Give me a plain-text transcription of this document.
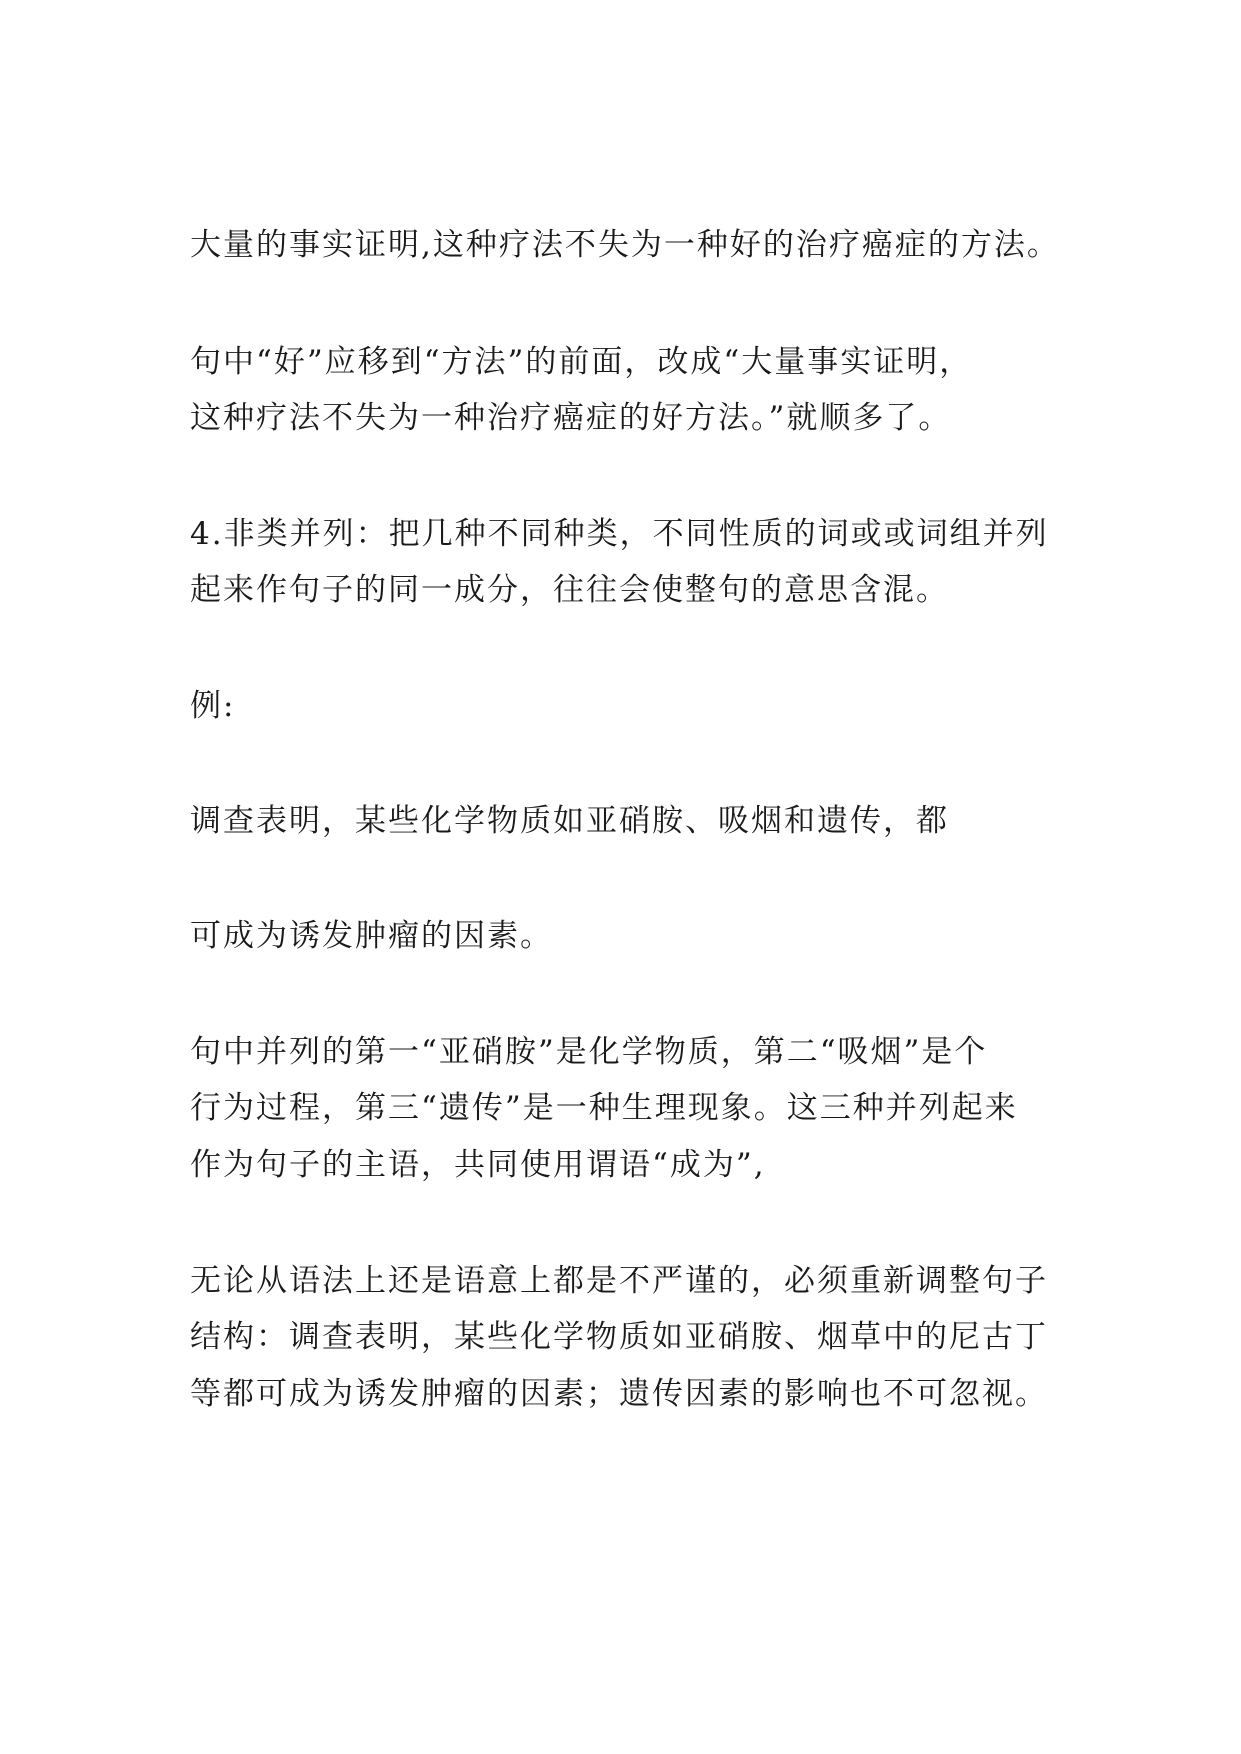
大量的事实证明,这种疗法不失为一种好的治疗癌症的方法。

句中“好”应移到“方法”的前面，改成“大量事实证明，

这种疗法不失为一种治疗癌症的好方法。”就顺多了。

4.非类并列：把几种不同种类，不同性质的词或或词组并列

起来作句子的同一成分，往往会使整句的意思含混。

例:

调查表明，某些化学物质如亚硝胺、吸烟和遗传，都

可成为诱发肿瘤的因素。

句中并列的第一“亚硝胺”是化学物质，第二“吸烟”是个

行为过程，第三“遗传”是一种生理现象。这三种并列起来

作为句子的主语，共同使用谓语“成为”,

无论从语法上还是语意上都是不严谨的，必须重新调整句子

结构：调查表明，某些化学物质如亚硝胺、烟草中的尼古丁

等都可成为诱发肿瘤的因素；遗传因素的影响也不可忽视。
